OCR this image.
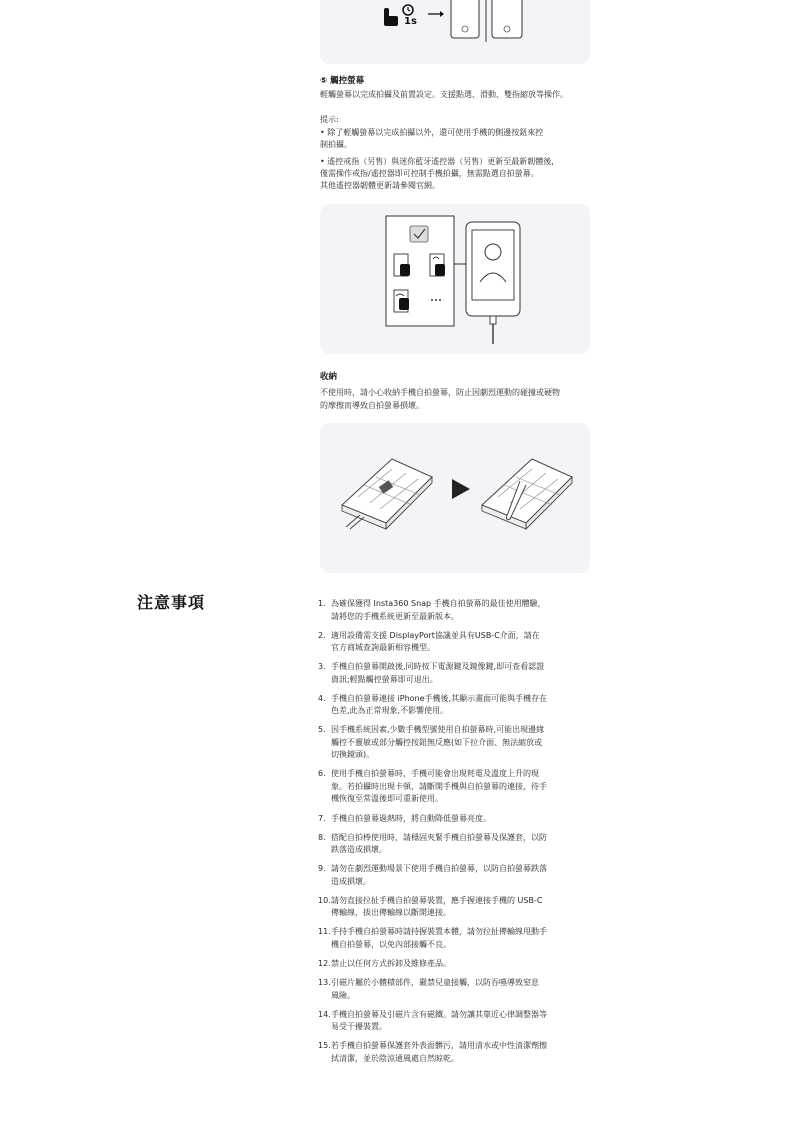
1s
⑤ 觸控螢幕
輕觸螢幕以完成拍攝及前置設定。支援點選、滑動、雙指縮放等操作。
提示:
• 除了輕觸螢幕以完成拍攝以外，還可使用手機的側邊按鈕來控
制拍攝。
• 遙控戒指（另售）與迷你藍牙遙控器（另售）更新至最新韌體後，
僅需操作戒指/遙控器即可控制手機拍攝，無需點選自拍螢幕。
其他遙控器韌體更新請參閱官網。
收納
不使用時，請小心收納手機自拍螢幕，防止因劇烈運動的碰撞或硬物
的摩擦而導致自拍螢幕損壞。
注意事項	1. 為確保獲得 Insta360 Snap 手機自拍螢幕的最佳使用體驗，
請將您的手機系統更新至最新版本。
2. 適用設備需支援 DisplayPort協議並具有USB-C介面，請在
官方商城查詢最新相容機型。
3. 手機自拍螢幕開啟後,同時按下電源鍵及鏡像鍵,即可查看認證
資訊;輕點觸控螢幕即可退出。
4. 手機自拍螢幕連接 iPhone手機後,其顯示畫面可能與手機存在
色差,此為正常現象,不影響使用。
5. 因手機系統因素,少數手機型號使用自拍螢幕時,可能出現邊緣
觸控不靈敏或部分觸控按鈕無反應(如下拉介面、無法縮放或
切換鏡頭)。
6. 使用手機自拍螢幕時，手機可能會出現耗電及溫度上升的現
象。若拍攝時出現卡頓，請斷開手機與自拍螢幕的連接，待手
機恢復至常溫後即可重新使用。
7. 手機自拍螢幕過熱時，將自動降低螢幕亮度。
8. 搭配自拍棒使用時，請穩固夾緊手機自拍螢幕及保護套，以防
跌落造成損壞。
9. 請勿在劇烈運動場景下使用手機自拍螢幕，以防自拍螢幕跌落
造成損壞。
10. 請勿直接拉扯手機自拍螢幕裝置，應手握連接手機的 USB-C
傳輸線，拔出傳輸線以斷開連接。
11. 手持手機自拍螢幕時請持握裝置本體，請勿拉扯傳輸線甩動手
機自拍螢幕，以免內部接觸不良。
12. 禁止以任何方式拆卸及維修產品。
13. 引磁片屬於小體積部件，嚴禁兒童接觸，以防吞嚥導致窒息
風險。
14. 手機自拍螢幕及引磁片含有磁鐵。請勿讓其靠近心律調整器等
易受干擾裝置。
15. 若手機自拍螢幕保護套外表面髒污，請用清水或中性清潔劑擦
拭清潔，並於陰涼通風處自然晾乾。
